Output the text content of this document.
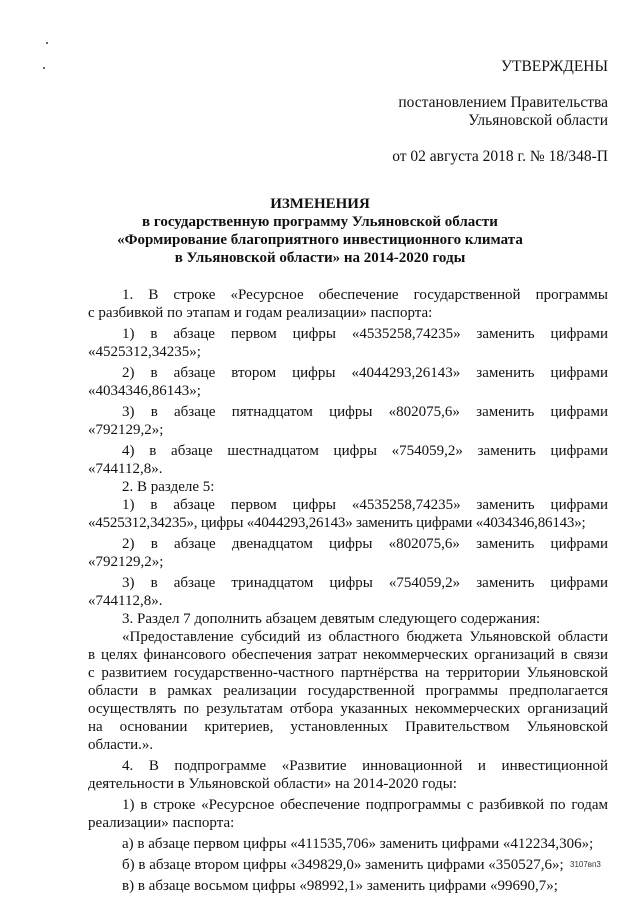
УТВЕРЖДЕНЫ
постановлением Правительства
Ульяновской области
от 02 августа 2018 г. № 18/348-П
ИЗМЕНЕНИЯ
в государственную программу Ульяновской области
«Формирование благоприятного инвестиционного климата
в Ульяновской области» на 2014-2020 годы

1. В строке «Ресурсное обеспечение государственной программы

с разбивкой по этапам и годам реализации» паспорта:

1) в абзаце первом цифры «4535258,74235» заменить цифрами

«4525312,34235»;

2) в абзаце втором цифры «4044293,26143» заменить цифрами

«4034346,86143»;

3) в абзаце пятнадцатом цифры «802075,6» заменить цифрами

«792129,2»;

4) в абзаце шестнадцатом цифры «754059,2» заменить цифрами

«744112,8».

2. В разделе 5:

1) в абзаце первом цифры «4535258,74235» заменить цифрами

«4525312,34235», цифры «4044293,26143» заменить цифрами «4034346,86143»;

2) в абзаце двенадцатом цифры «802075,6» заменить цифрами

«792129,2»;

3) в абзаце тринадцатом цифры «754059,2» заменить цифрами

«744112,8».

3. Раздел 7 дополнить абзацем девятым следующего содержания:

«Предоставление субсидий из областного бюджета Ульяновской области

в целях финансового обеспечения затрат некоммерческих организаций в связи

с развитием государственно-частного партнёрства на территории Ульяновской

области в рамках реализации государственной программы предполагается

осуществлять по результатам отбора указанных некоммерческих организаций

на основании критериев, установленных Правительством Ульяновской

области.».

4. В подпрограмме «Развитие инновационной и инвестиционной

деятельности в Ульяновской области» на 2014-2020 годы:

1) в строке «Ресурсное обеспечение подпрограммы с разбивкой по годам

реализации» паспорта:

а) в абзаце первом цифры «411535,706» заменить цифрами «412234,306»;

б) в абзаце втором цифры «349829,0» заменить цифрами «350527,6»;

в) в абзаце восьмом цифры «98992,1» заменить цифрами «99690,7»;

3107вп3
